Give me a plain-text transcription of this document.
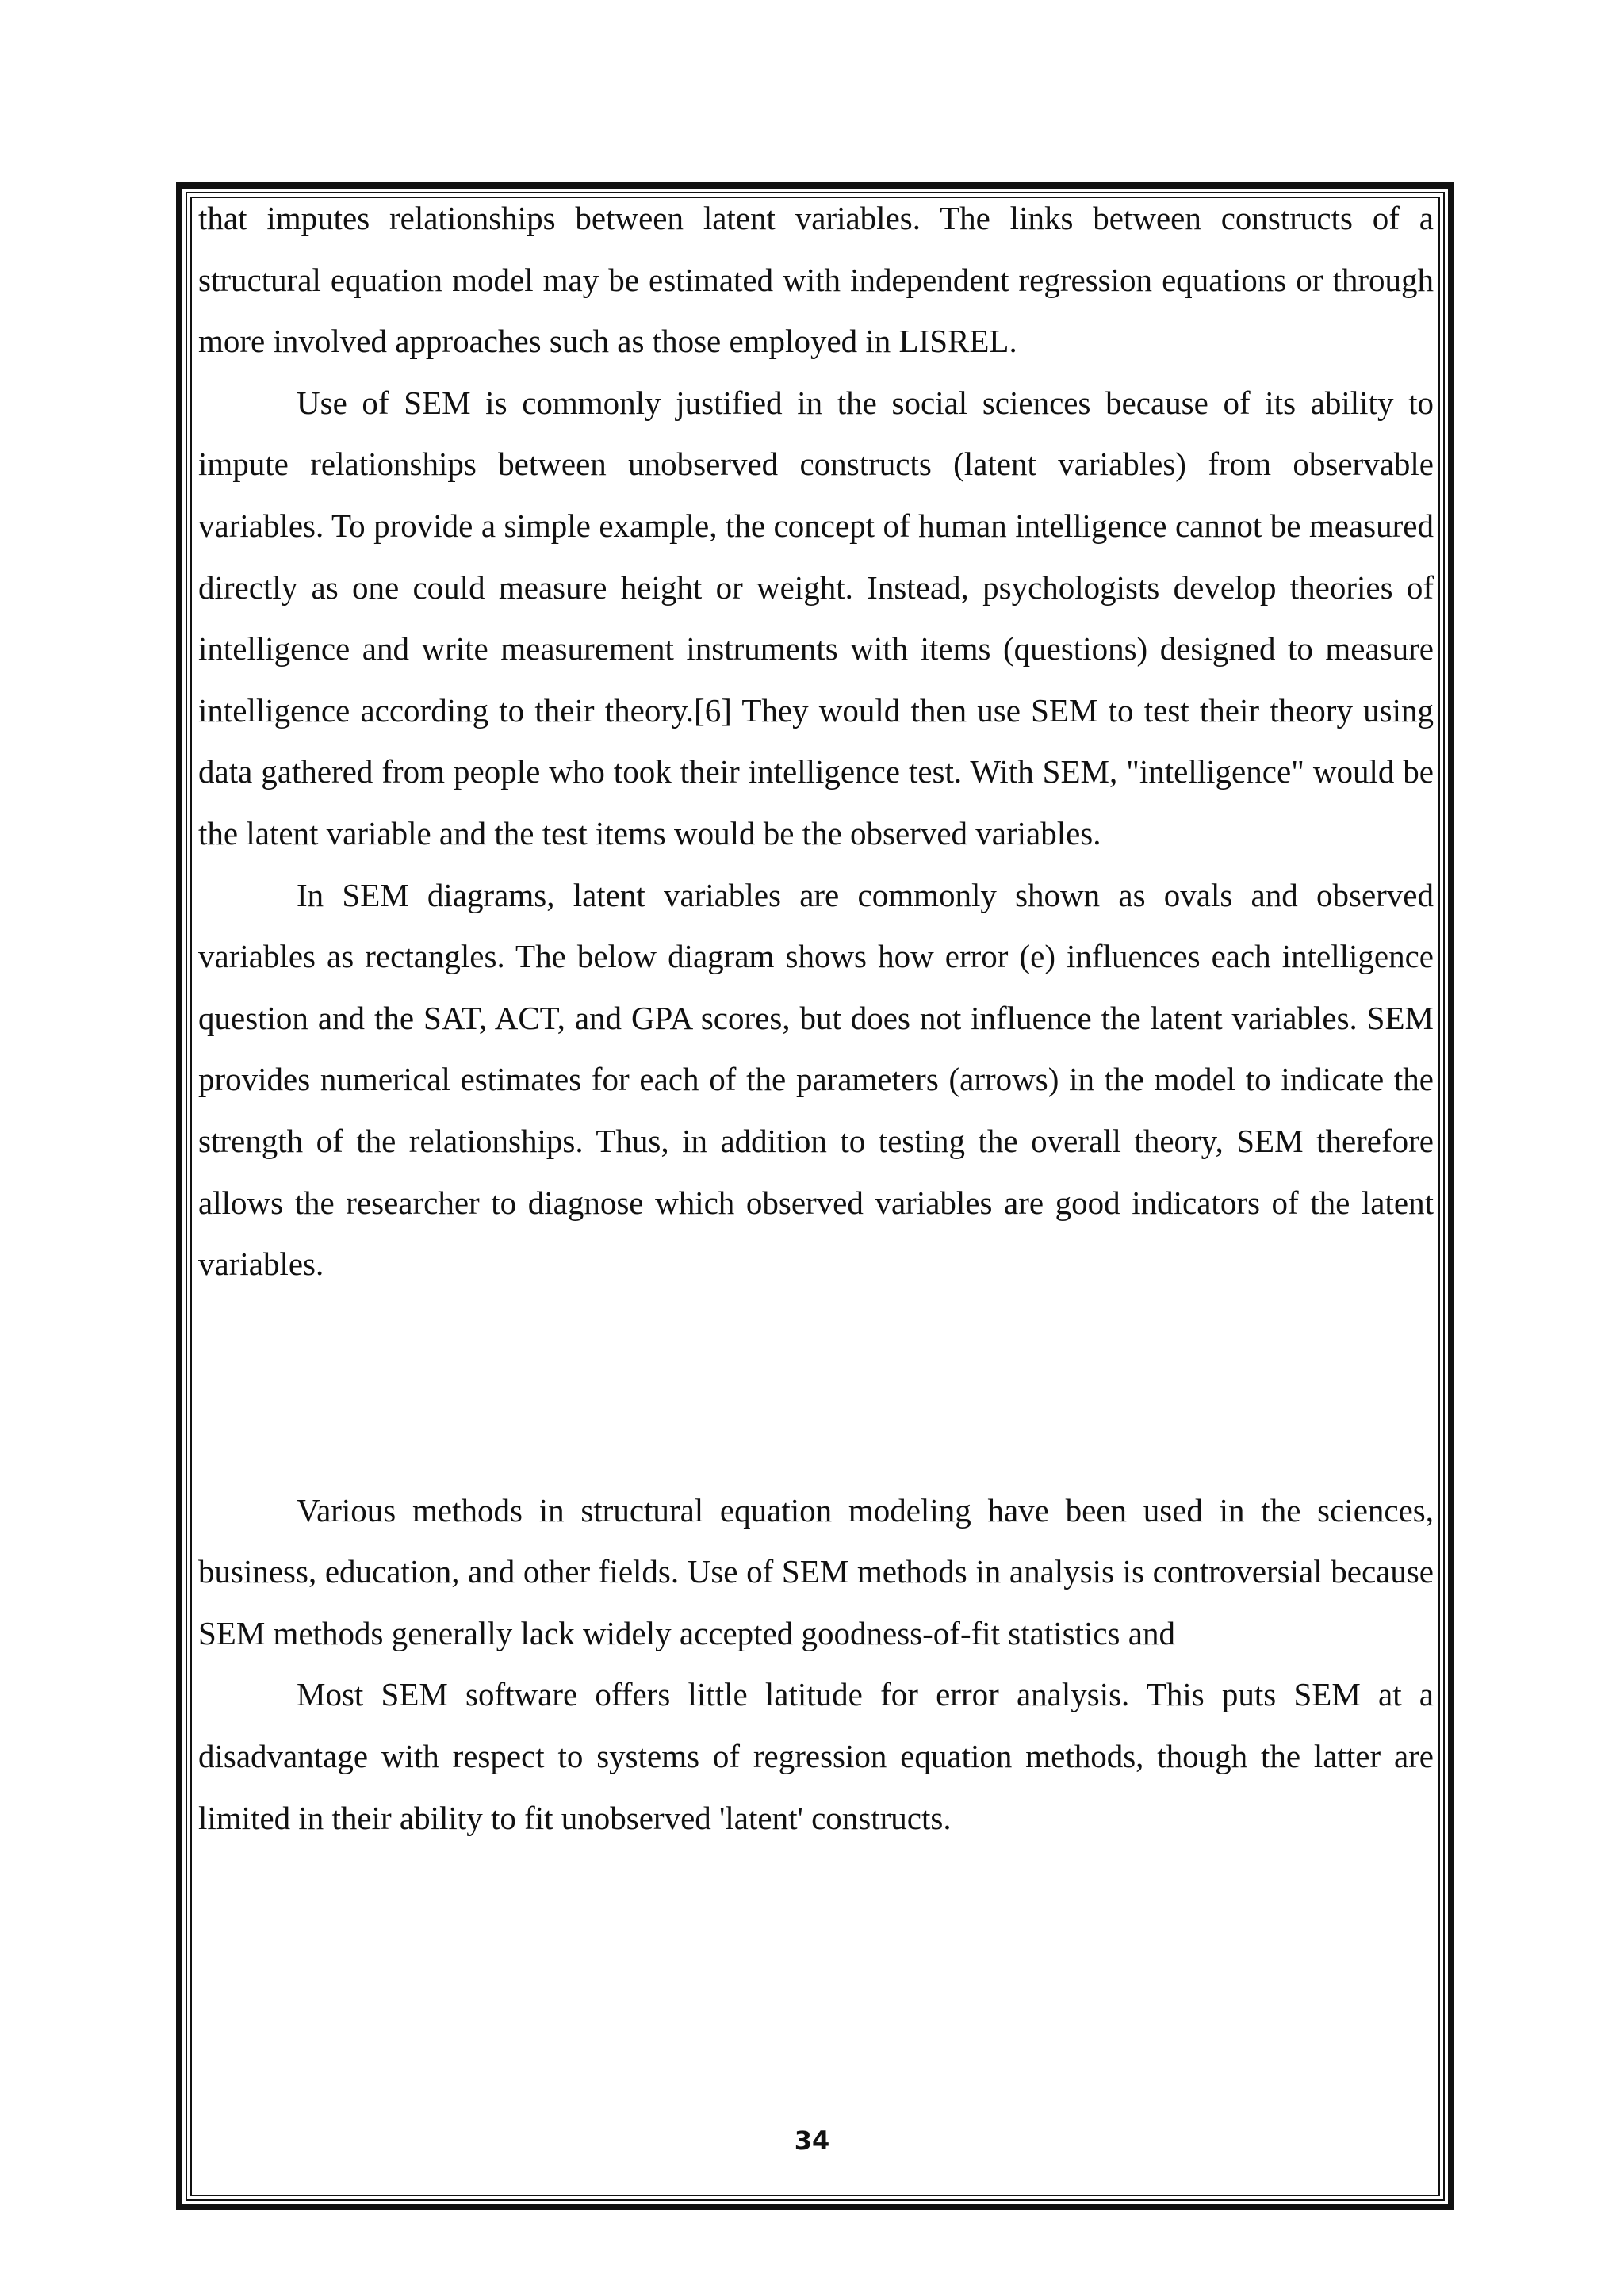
that imputes relationships between latent variables. The links between constructs of a structural equation model may be estimated with independent regression equations or through more involved approaches such as those employed in LISREL.

Use of SEM is commonly justified in the social sciences because of its ability to impute relationships between unobserved constructs (latent variables) from observable variables. To provide a simple example, the concept of human intelligence cannot be measured directly as one could measure height or weight. Instead, psychologists develop theories of intelligence and write measurement instruments with items (questions) designed to measure intelligence according to their theory.[6] They would then use SEM to test their theory using data gathered from people who took their intelligence test. With SEM, "intelligence" would be the latent variable and the test items would be the observed variables.

In SEM diagrams, latent variables are commonly shown as ovals and observed variables as rectangles. The below diagram shows how error (e) influences each intelligence question and the SAT, ACT, and GPA scores, but does not influence the latent variables. SEM provides numerical estimates for each of the parameters (arrows) in the model to indicate the strength of the relationships. Thus, in addition to testing the overall theory, SEM therefore allows the researcher to diagnose which observed variables are good indicators of the latent variables.

Various methods in structural equation modeling have been used in the sciences, business, education, and other fields. Use of SEM methods in analysis is controversial because SEM methods generally lack widely accepted goodness-of-fit statistics and

Most SEM software offers little latitude for error analysis. This puts SEM at a disadvantage with respect to systems of regression equation methods, though the latter are limited in their ability to fit unobserved 'latent' constructs.

34
